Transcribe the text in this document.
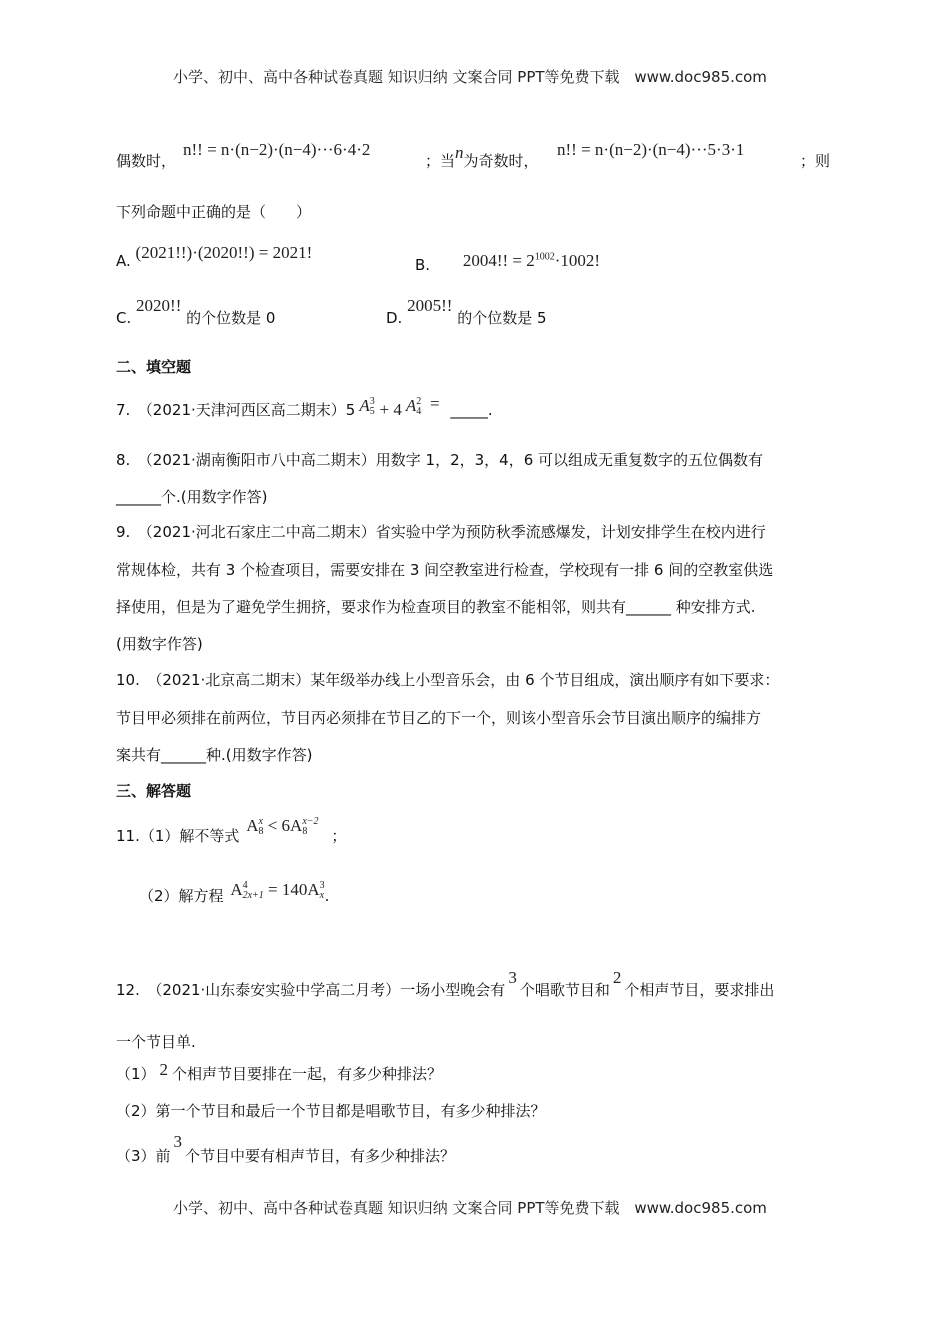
小学、初中、高中各种试卷真题 知识归纳 文案合同 PPT等免费下载 www.doc985.com
偶数时，
n!! = n·(n−2)·(n−4)···6·4·2
；当n为奇数时，
n!! = n·(n−2)·(n−4)···5·3·1
；则
下列命题中正确的是（　　）
A. (2021!!)·(2020!!) = 2021!
B. 2004!! = $2^{1002}\cdot 1002$!
C. 2020!! 的个位数是 0	D. 2005!! 的个位数是 5
二、填空题
7.　（2021·天津河西区高二期末）5 A 3
5 + 4 A 2
4 = _____.
8.　（2021·湖南衡阳市八中高二期末）用数字 1，2，3，4，6 可以组成无重复数字的五位偶数有
______个.(用数字作答)
9.　（2021·河北石家庄二中高二期末）省实验中学为预防秋季流感爆发，计划安排学生在校内进行
常规体检，共有 3 个检查项目，需要安排在 3 间空教室进行检查，学校现有一排 6 间的空教室供选
择使用，但是为了避免学生拥挤，要求作为检查项目的教室不能相邻，则共有______ 种安排方式.
(用数字作答)
10.　（2021·北京高二期末）某年级举办线上小型音乐会，由 6 个节目组成，演出顺序有如下要求：
节目甲必须排在前两位，节目丙必须排在节目乙的下一个，则该小型音乐会节目演出顺序的编排方
案共有______种.(用数字作答)
三、解答题
11.（1）解不等式 A x
8 < 6A x−2
8	；
（2）解方程 A 4
2x+1 = 140A 3
x .
12.　（2021·山东泰安实验中学高二月考）一场小型晚会有3个唱歌节目和2个相声节目，要求排出
一个节目单.
（1） 2 个相声节目要排在一起，有多少种排法？
（2）第一个节目和最后一个节目都是唱歌节目，有多少种排法？
（3）前3个节目中要有相声节目，有多少种排法？
小学、初中、高中各种试卷真题 知识归纳 文案合同 PPT等免费下载 www.doc985.com
